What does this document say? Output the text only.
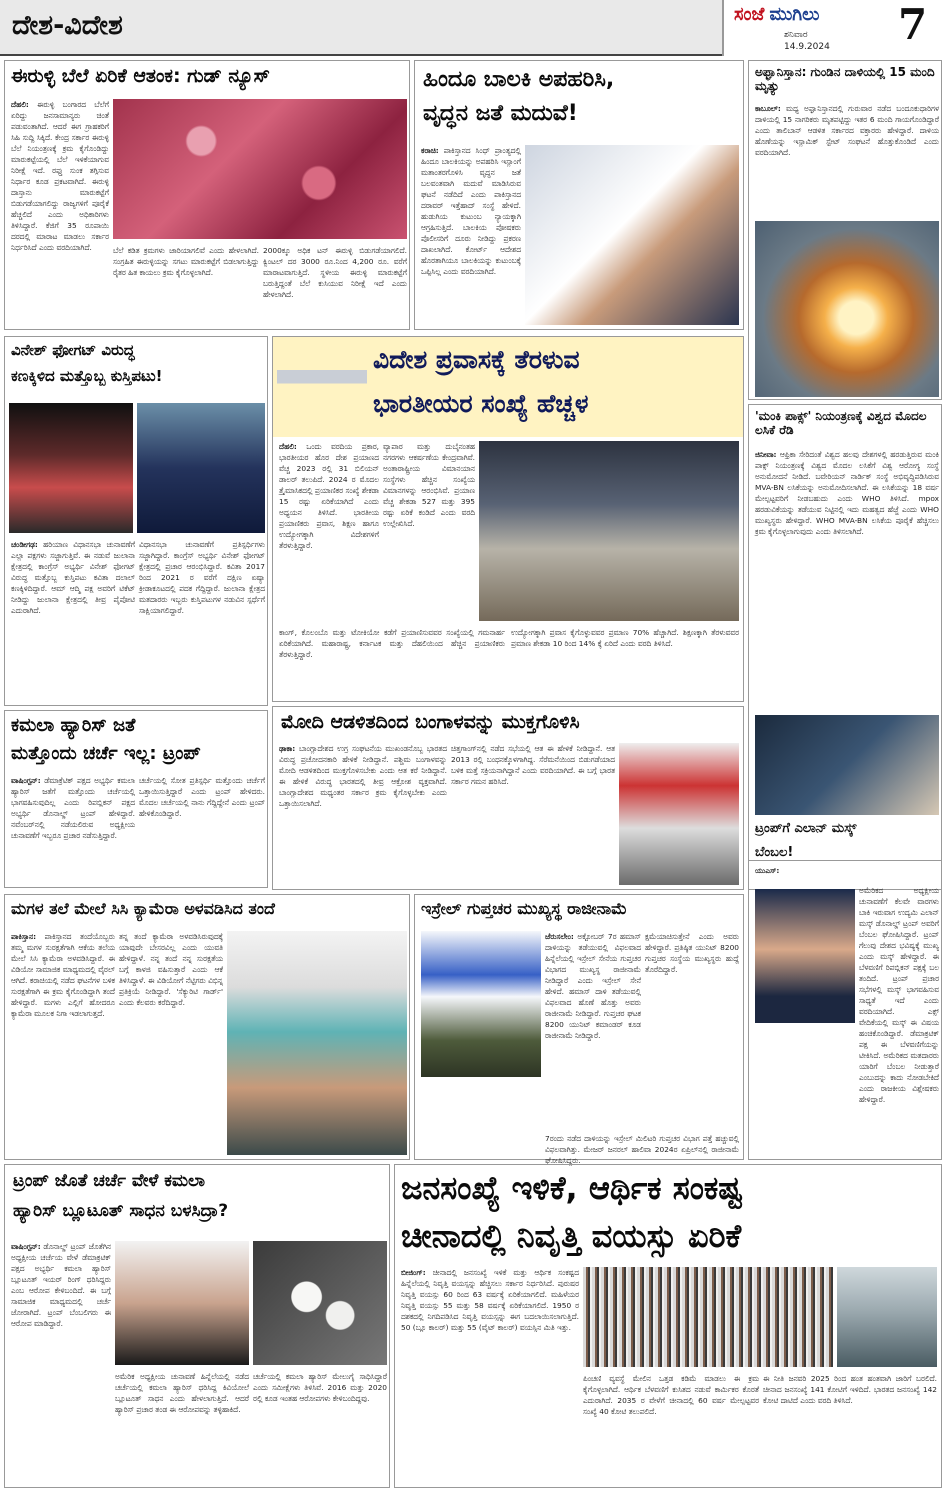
ದೇಶ-ವಿದೇಶ	ಸಂಜೆ ಮುಗಿಲು
ಶನಿವಾರ
14.9.2024	7
ಈರುಳ್ಳಿ ಬೆಲೆ ಏರಿಕೆ ಆತಂಕ: ಗುಡ್ ನ್ಯೂಸ್
ದೆಹಲಿ: ಈರುಳ್ಳಿ ಬಂಗಾರದ ಬೆಲೆಗೆ ಏರಿದ್ದು ಜನಸಾಮಾನ್ಯರು ಚಿಂತೆ ಪಡುವಂತಾಗಿದೆ. ಆದರೆ ಈಗ ಗ್ರಾಹಕರಿಗೆ ಸಿಹಿ ಸುದ್ದಿ ಸಿಕ್ಕಿದೆ. ಕೇಂದ್ರ ಸರ್ಕಾರ ಈರುಳ್ಳಿ ಬೆಲೆ ನಿಯಂತ್ರಣಕ್ಕೆ ಕ್ರಮ ಕೈಗೊಂಡಿದ್ದು ಮಾರುಕಟ್ಟೆಯಲ್ಲಿ ಬೆಲೆ ಇಳಿಕೆಯಾಗುವ ನಿರೀಕ್ಷೆ ಇದೆ. ರಫ್ತು ಸುಂಕ ತಗ್ಗಿಸುವ ನಿರ್ಧಾರ ಕೂಡ ಪ್ರಕಟವಾಗಿದೆ. ಈರುಳ್ಳಿ ದಾಸ್ತಾನು ಮಾರುಕಟ್ಟೆಗೆ ಬಿಡುಗಡೆಯಾಗಲಿದ್ದು ರಾಜ್ಯಗಳಿಗೆ ಪೂರೈಕೆ ಹೆಚ್ಚಲಿದೆ ಎಂದು ಅಧಿಕಾರಿಗಳು ತಿಳಿಸಿದ್ದಾರೆ. ಕೆಜಿಗೆ 35 ರೂಪಾಯಿ ದರದಲ್ಲಿ ಮಾರಾಟ ಮಾಡಲು ಸರ್ಕಾರ ನಿರ್ಧರಿಸಿದೆ ಎಂದು ವರದಿಯಾಗಿದೆ.	ಬೆಲೆ ಕಡಿತ ಕ್ರಮಗಳು ಜಾರಿಯಾಗಲಿವೆ ಎಂದು ಹೇಳಲಾಗಿದೆ. ಸಂಗ್ರಹಿತ ಈರುಳ್ಳಿಯನ್ನು ಸಗಟು ಮಾರುಕಟ್ಟೆಗೆ ಬಿಡಲಾಗುತ್ತಿದ್ದು ರೈತರ ಹಿತ ಕಾಯಲು ಕ್ರಮ ಕೈಗೊಳ್ಳಲಾಗಿದೆ.
2000ಕ್ಕೂ ಅಧಿಕ ಟನ್ ಈರುಳ್ಳಿ ಬಿಡುಗಡೆಯಾಗಲಿದೆ. ಕ್ವಿಂಟಲ್ ದರ 3000 ರೂ.ನಿಂದ 4,200 ರೂ. ವರೆಗೆ ಮಾರಾಟವಾಗುತ್ತಿದೆ. ಸ್ಥಳೀಯ ಈರುಳ್ಳಿ ಮಾರುಕಟ್ಟೆಗೆ ಬರುತ್ತಿದ್ದಂತೆ ಬೆಲೆ ಕುಸಿಯುವ ನಿರೀಕ್ಷೆ ಇದೆ ಎಂದು ಹೇಳಲಾಗಿದೆ.
ಹಿಂದೂ ಬಾಲಕಿ ಅಪಹರಿಸಿ,
ವೃದ್ಧನ ಜತೆ ಮದುವೆ!
ಕರಾಚಿ: ಪಾಕಿಸ್ತಾನದ ಸಿಂಧ್ ಪ್ರಾಂತ್ಯದಲ್ಲಿ ಹಿಂದೂ ಬಾಲಕಿಯನ್ನು ಅಪಹರಿಸಿ ಇಸ್ಲಾಂಗೆ ಮತಾಂತರಗೊಳಿಸಿ ವೃದ್ಧನ ಜತೆ ಬಲವಂತವಾಗಿ ಮದುವೆ ಮಾಡಿಸಿರುವ ಘಟನೆ ನಡೆದಿದೆ ಎಂದು ಪಾಕಿಸ್ತಾನದ ದರಾವರ್ ಇತ್ತೆಹಾದ್ ಸಂಸ್ಥೆ ಹೇಳಿದೆ. ಹುಡುಗಿಯ ಕುಟುಂಬ ನ್ಯಾಯಕ್ಕಾಗಿ ಆಗ್ರಹಿಸುತ್ತಿದೆ. ಬಾಲಕಿಯ ಪೋಷಕರು ಪೊಲೀಸರಿಗೆ ದೂರು ನೀಡಿದ್ದು ಪ್ರಕರಣ ದಾಖಲಾಗಿದೆ. ಕೋರ್ಟ್ ಆದೇಶದ ಹೊರತಾಗಿಯೂ ಬಾಲಕಿಯನ್ನು ಕುಟುಂಬಕ್ಕೆ ಒಪ್ಪಿಸಿಲ್ಲ ಎಂದು ವರದಿಯಾಗಿದೆ.
ಅಫ್ಘಾನಿಸ್ತಾನ: ಗುಂಡಿನ ದಾಳಿಯಲ್ಲಿ 15 ಮಂದಿ ಮೃತ್ಯು
ಕಾಬೂಲ್: ಮಧ್ಯ ಅಫ್ಘಾನಿಸ್ತಾನದಲ್ಲಿ ಗುರುವಾರ ನಡೆದ ಬಂದೂಕುಧಾರಿಗಳ ದಾಳಿಯಲ್ಲಿ 15 ನಾಗರಿಕರು ಮೃತಪಟ್ಟಿದ್ದು ಇತರ 6 ಮಂದಿ ಗಾಯಗೊಂಡಿದ್ದಾರೆ ಎಂದು ತಾಲಿಬಾನ್ ಆಡಳಿತ ಸರ್ಕಾರದ ವಕ್ತಾರರು ಹೇಳಿದ್ದಾರೆ. ದಾಳಿಯ ಹೊಣೆಯನ್ನು ಇಸ್ಲಾಮಿಕ್ ಸ್ಟೇಟ್ ಸಂಘಟನೆ ಹೊತ್ತುಕೊಂಡಿದೆ ಎಂದು ವರದಿಯಾಗಿದೆ.
ವಿನೇಶ್ ಫೋಗಟ್ ವಿರುದ್ಧ
ಕಣಕ್ಕಿಳಿದ ಮತ್ತೊಬ್ಬ ಕುಸ್ತಿಪಟು!
ಚಂಡೀಗಢ: ಹರಿಯಾಣ ವಿಧಾನಸಭಾ ಚುನಾವಣೆಗೆ ಎಲ್ಲಾ ಪಕ್ಷಗಳು ಸಜ್ಜಾಗುತ್ತಿವೆ. ಈ ನಡುವೆ ಜುಲಾನಾ ಕ್ಷೇತ್ರದಲ್ಲಿ ಕಾಂಗ್ರೆಸ್ ಅಭ್ಯರ್ಥಿ ವಿನೇಶ್ ಫೋಗಟ್ ವಿರುದ್ಧ ಮತ್ತೊಬ್ಬ ಕುಸ್ತಿಪಟು ಕವಿತಾ ದಲಾಲ್ ಕಣಕ್ಕಿಳಿದಿದ್ದಾರೆ. ಆಮ್ ಆದ್ಮಿ ಪಕ್ಷ ಅವರಿಗೆ ಟಿಕೆಟ್ ನೀಡಿದ್ದು ಜುಲಾನಾ ಕ್ಷೇತ್ರದಲ್ಲಿ ತೀವ್ರ ಪೈಪೋಟಿ ಎದುರಾಗಿದೆ.
ವಿಧಾನಸಭಾ ಚುನಾವಣೆಗೆ ಪ್ರತಿಸ್ಪರ್ಧಿಗಳು ಸಜ್ಜಾಗಿದ್ದಾರೆ. ಕಾಂಗ್ರೆಸ್ ಅಭ್ಯರ್ಥಿ ವಿನೇಶ್ ಫೋಗಟ್ ಕ್ಷೇತ್ರದಲ್ಲಿ ಪ್ರಚಾರ ಆರಂಭಿಸಿದ್ದಾರೆ. ಕವಿತಾ 2017 ರಿಂದ 2021 ರ ವರೆಗೆ ದಕ್ಷಿಣ ಏಷ್ಯಾ ಕ್ರೀಡಾಕೂಟದಲ್ಲಿ ಪದಕ ಗೆದ್ದಿದ್ದಾರೆ. ಜುಲಾನಾ ಕ್ಷೇತ್ರದ ಮತದಾರರು ಇಬ್ಬರು ಕುಸ್ತಿಪಟುಗಳ ನಡುವಿನ ಸ್ಪರ್ಧೆಗೆ ಸಾಕ್ಷಿಯಾಗಲಿದ್ದಾರೆ.
ವಿದೇಶ ಪ್ರವಾಸಕ್ಕೆ ತೆರಳುವ
ಭಾರತೀಯರ ಸಂಖ್ಯೆ ಹೆಚ್ಚಳ
ದೆಹಲಿ: ಒಂದು ವರದಿಯ ಪ್ರಕಾರ, ಭಾರತೀಯರ ಹೊರ ದೇಶ ಪ್ರಯಾಣದ ವೆಚ್ಚ 2023 ರಲ್ಲಿ 31 ಬಿಲಿಯನ್ ಡಾಲರ್ ತಲುಪಿದೆ. 2024 ರ ಮೊದಲ ತ್ರೈಮಾಸಿಕದಲ್ಲಿ ಪ್ರಯಾಣಿಕರ ಸಂಖ್ಯೆ ಶೇಕಡಾ 15 ರಷ್ಟು ಏರಿಕೆಯಾಗಿದೆ ಎಂದು ಅಧ್ಯಯನ ತಿಳಿಸಿದೆ. ಭಾರತೀಯ ಪ್ರಯಾಣಿಕರು ಪ್ರವಾಸ, ಶಿಕ್ಷಣ ಹಾಗೂ ಉದ್ಯೋಗಕ್ಕಾಗಿ ವಿದೇಶಗಳಿಗೆ ತೆರಳುತ್ತಿದ್ದಾರೆ.
ವ್ಯಾಪಾರ ಮತ್ತು ದುಬೈನಂತಹ ನಗರಗಳು ಆಕರ್ಷಣೆಯ ಕೇಂದ್ರವಾಗಿವೆ. ಅಂತಾರಾಷ್ಟ್ರೀಯ ವಿಮಾನಯಾನ ಸಂಸ್ಥೆಗಳು ಹೆಚ್ಚಿನ ಸಂಖ್ಯೆಯ ವಿಮಾನಗಳನ್ನು ಆರಂಭಿಸಿವೆ. ಪ್ರಯಾಣ ವೆಚ್ಚ ಶೇಕಡಾ 527 ಮತ್ತು 395 ರಷ್ಟು ಏರಿಕೆ ಕಂಡಿದೆ ಎಂದು ವರದಿ ಉಲ್ಲೇಖಿಸಿದೆ.
ಕಾಂಗ್, ಕೊಲಂಬೊ ಮತ್ತು ಟೋಕಿಯೋ ಕಡೆಗೆ ಪ್ರಯಾಣಿಸುವವರ ಸಂಖ್ಯೆಯಲ್ಲಿ ಗಮನಾರ್ಹ ಏರಿಕೆಯಾಗಿದೆ. ಮಹಾರಾಷ್ಟ್ರ, ಕರ್ನಾಟಕ ಮತ್ತು ದೆಹಲಿಯಿಂದ ಹೆಚ್ಚಿನ ಪ್ರಯಾಣಿಕರು ತೆರಳುತ್ತಿದ್ದಾರೆ.
ಉದ್ಯೋಗಕ್ಕಾಗಿ ಪ್ರವಾಸ ಕೈಗೊಳ್ಳುವವರ ಪ್ರಮಾಣ 70% ಹೆಚ್ಚಾಗಿದೆ. ಶಿಕ್ಷಣಕ್ಕಾಗಿ ತೆರಳುವವರ ಪ್ರಮಾಣ ಶೇಕಡಾ 10 ರಿಂದ 14% ಕ್ಕೆ ಏರಿದೆ ಎಂದು ವರದಿ ತಿಳಿಸಿದೆ.
'ಮಂಕಿ ಪಾಕ್ಸ್' ನಿಯಂತ್ರಣಕ್ಕೆ ವಿಶ್ವದ ಮೊದಲ ಲಸಿಕೆ ರೆಡಿ
ಜಿನೀವಾ: ಆಫ್ರಿಕಾ ಸೇರಿದಂತೆ ವಿಶ್ವದ ಹಲವು ದೇಶಗಳಲ್ಲಿ ಹರಡುತ್ತಿರುವ ಮಂಕಿ ಪಾಕ್ಸ್ ನಿಯಂತ್ರಣಕ್ಕೆ ವಿಶ್ವದ ಮೊದಲ ಲಸಿಕೆಗೆ ವಿಶ್ವ ಆರೋಗ್ಯ ಸಂಸ್ಥೆ ಅನುಮೋದನೆ ನೀಡಿದೆ. ಬವೇರಿಯನ್ ನಾರ್ಡಿಕ್ ಸಂಸ್ಥೆ ಅಭಿವೃದ್ಧಿಪಡಿಸಿರುವ MVA-BN ಲಸಿಕೆಯನ್ನು ಅನುಮೋದಿಸಲಾಗಿದೆ. ಈ ಲಸಿಕೆಯನ್ನು 18 ವರ್ಷ ಮೇಲ್ಪಟ್ಟವರಿಗೆ ನೀಡಬಹುದು ಎಂದು WHO ತಿಳಿಸಿದೆ. mpox ಹರಡುವಿಕೆಯನ್ನು ತಡೆಯುವ ನಿಟ್ಟಿನಲ್ಲಿ ಇದು ಮಹತ್ವದ ಹೆಜ್ಜೆ ಎಂದು WHO ಮುಖ್ಯಸ್ಥರು ಹೇಳಿದ್ದಾರೆ. WHO MVA-BN ಲಸಿಕೆಯ ಪೂರೈಕೆ ಹೆಚ್ಚಿಸಲು ಕ್ರಮ ಕೈಗೊಳ್ಳಲಾಗುವುದು ಎಂದು ತಿಳಿಸಲಾಗಿದೆ.
ಟ್ರಂಪ್‌ಗೆ ಎಲಾನ್ ಮಸ್ಕ್
ಬೆಂಬಲ!
ಯುಎಸ್:
ಅಮೆರಿಕದ ಅಧ್ಯಕ್ಷೀಯ ಚುನಾವಣೆಗೆ ಕೆಲವೇ ವಾರಗಳು ಬಾಕಿ ಇರುವಾಗ ಉದ್ಯಮಿ ಎಲಾನ್ ಮಸ್ಕ್ ಡೊನಾಲ್ಡ್ ಟ್ರಂಪ್ ಅವರಿಗೆ ಬೆಂಬಲ ಘೋಷಿಸಿದ್ದಾರೆ. ಟ್ರಂಪ್ ಗೆಲುವು ದೇಶದ ಭವಿಷ್ಯಕ್ಕೆ ಮುಖ್ಯ ಎಂದು ಮಸ್ಕ್ ಹೇಳಿದ್ದಾರೆ. ಈ ಬೆಳವಣಿಗೆ ರಿಪಬ್ಲಿಕನ್ ಪಕ್ಷಕ್ಕೆ ಬಲ ತಂದಿದೆ. ಟ್ರಂಪ್ ಪ್ರಚಾರ ಸಭೆಗಳಲ್ಲಿ ಮಸ್ಕ್ ಭಾಗವಹಿಸುವ ಸಾಧ್ಯತೆ ಇದೆ ಎಂದು ವರದಿಯಾಗಿದೆ. ಎಕ್ಸ್ ವೇದಿಕೆಯಲ್ಲಿ ಮಸ್ಕ್ ಈ ವಿಷಯ ಹಂಚಿಕೊಂಡಿದ್ದಾರೆ. ಡೆಮಾಕ್ರಟಿಕ್ ಪಕ್ಷ ಈ ಬೆಳವಣಿಗೆಯನ್ನು ಟೀಕಿಸಿದೆ. ಅಮೆರಿಕದ ಮತದಾರರು ಯಾರಿಗೆ ಬೆಂಬಲ ನೀಡುತ್ತಾರೆ ಎಂಬುದನ್ನು ಕಾದು ನೋಡಬೇಕಿದೆ ಎಂದು ರಾಜಕೀಯ ವಿಶ್ಲೇಷಕರು ಹೇಳಿದ್ದಾರೆ.
ಕಮಲಾ ಹ್ಯಾರಿಸ್ ಜತೆ
ಮತ್ತೊಂದು ಚರ್ಚೆ ಇಲ್ಲ: ಟ್ರಂಪ್
ವಾಷಿಂಗ್ಟನ್: ಡೆಮಾಕ್ರೆಟಿಕ್ ಪಕ್ಷದ ಅಭ್ಯರ್ಥಿ ಕಮಲಾ ಹ್ಯಾರಿಸ್ ಜತೆಗೆ ಮತ್ತೊಂದು ಚರ್ಚೆಯಲ್ಲಿ ಭಾಗವಹಿಸುವುದಿಲ್ಲ ಎಂದು ರಿಪಬ್ಲಿಕನ್ ಪಕ್ಷದ ಅಭ್ಯರ್ಥಿ ಡೊನಾಲ್ಡ್ ಟ್ರಂಪ್ ಹೇಳಿದ್ದಾರೆ. ನವೆಂಬರ್‌ನಲ್ಲಿ ನಡೆಯಲಿರುವ ಅಧ್ಯಕ್ಷೀಯ ಚುನಾವಣೆಗೆ ಇಬ್ಬರೂ ಪ್ರಚಾರ ನಡೆಸುತ್ತಿದ್ದಾರೆ.
ಚರ್ಚೆಯಲ್ಲಿ ಸೋತ ಪ್ರತಿಸ್ಪರ್ಧಿ ಮತ್ತೊಂದು ಚರ್ಚೆಗೆ ಒತ್ತಾಯಿಸುತ್ತಿದ್ದಾರೆ ಎಂದು ಟ್ರಂಪ್ ಹೇಳಿದರು. ಮೊದಲ ಚರ್ಚೆಯಲ್ಲಿ ನಾನು ಗೆದ್ದಿದ್ದೇನೆ ಎಂದು ಟ್ರಂಪ್ ಹೇಳಿಕೊಂಡಿದ್ದಾರೆ.
ಮೋದಿ ಆಡಳಿತದಿಂದ ಬಂಗಾಳವನ್ನು ಮುಕ್ತಗೊಳಿಸಿ
ಢಾಕಾ: ಬಾಂಗ್ಲಾದೇಶದ ಉಗ್ರ ಸಂಘಟನೆಯ ಮುಖಂಡನೊಬ್ಬ ಭಾರತದ ವಿರುದ್ಧ ಪ್ರಚೋದನಕಾರಿ ಹೇಳಿಕೆ ನೀಡಿದ್ದಾನೆ. ಪಶ್ಚಿಮ ಬಂಗಾಳವನ್ನು ಮೋದಿ ಆಡಳಿತದಿಂದ ಮುಕ್ತಗೊಳಿಸಬೇಕು ಎಂದು ಆತ ಕರೆ ನೀಡಿದ್ದಾನೆ. ಈ ಹೇಳಿಕೆ ವಿರುದ್ಧ ಭಾರತದಲ್ಲಿ ತೀವ್ರ ಆಕ್ರೋಶ ವ್ಯಕ್ತವಾಗಿದೆ. ಬಾಂಗ್ಲಾದೇಶದ ಮಧ್ಯಂತರ ಸರ್ಕಾರ ಕ್ರಮ ಕೈಗೊಳ್ಳಬೇಕು ಎಂದು ಒತ್ತಾಯಿಸಲಾಗಿದೆ.
ಚಿತ್ತಗಾಂಗ್‌ನಲ್ಲಿ ನಡೆದ ಸಭೆಯಲ್ಲಿ ಆತ ಈ ಹೇಳಿಕೆ ನೀಡಿದ್ದಾನೆ. ಆತ 2013 ರಲ್ಲಿ ಬಂಧನಕ್ಕೊಳಗಾಗಿದ್ದ. ಸೆರೆಮನೆಯಿಂದ ಬಿಡುಗಡೆಯಾದ ಬಳಿಕ ಮತ್ತೆ ಸಕ್ರಿಯನಾಗಿದ್ದಾನೆ ಎಂದು ವರದಿಯಾಗಿದೆ. ಈ ಬಗ್ಗೆ ಭಾರತ ಸರ್ಕಾರ ಗಮನ ಹರಿಸಿದೆ.
ಮಗಳ ತಲೆ ಮೇಲೆ ಸಿಸಿ ಕ್ಯಾಮೆರಾ ಅಳವಡಿಸಿದ ತಂದೆ
ಪಾಕಿಸ್ತಾನ: ಪಾಕಿಸ್ತಾನದ ತಂದೆಯೊಬ್ಬರು ತಮ್ಮ ಮಗಳ ಸುರಕ್ಷತೆಗಾಗಿ ಆಕೆಯ ತಲೆಯ ಮೇಲೆ ಸಿಸಿ ಕ್ಯಾಮೆರಾ ಅಳವಡಿಸಿದ್ದಾರೆ. ಈ ವಿಡಿಯೋ ಸಾಮಾಜಿಕ ಮಾಧ್ಯಮದಲ್ಲಿ ವೈರಲ್ ಆಗಿದೆ. ಕರಾಚಿಯಲ್ಲಿ ನಡೆದ ಘಟನೆಗಳ ಬಳಿಕ ಸುರಕ್ಷತೆಗಾಗಿ ಈ ಕ್ರಮ ಕೈಗೊಂಡಿದ್ದಾಗಿ ತಂದೆ ಹೇಳಿದ್ದಾರೆ. ಮಗಳು ಎಲ್ಲಿಗೆ ಹೋದರೂ ಕ್ಯಾಮೆರಾ ಮೂಲಕ ನಿಗಾ ಇಡಲಾಗುತ್ತದೆ.
ತನ್ನ ತಂದೆ ಕ್ಯಾಮೆರಾ ಅಳವಡಿಸಿರುವುದಕ್ಕೆ ಯಾವುದೇ ಬೇಸರವಿಲ್ಲ ಎಂದು ಯುವತಿ ಹೇಳಿದ್ದಾಳೆ. ನನ್ನ ತಂದೆ ನನ್ನ ಸುರಕ್ಷತೆಯ ಬಗ್ಗೆ ಕಾಳಜಿ ವಹಿಸುತ್ತಾರೆ ಎಂದು ಆಕೆ ತಿಳಿಸಿದ್ದಾಳೆ. ಈ ವಿಡಿಯೋಗೆ ನೆಟ್ಟಿಗರು ವಿಭಿನ್ನ ಪ್ರತಿಕ್ರಿಯೆ ನೀಡಿದ್ದಾರೆ. 'ಸೆಕ್ಯುರಿಟಿ ಗಾರ್ಡ್' ಎಂದು ಕೆಲವರು ಕರೆದಿದ್ದಾರೆ.
ಇಸ್ರೇಲ್ ಗುಪ್ತಚರ ಮುಖ್ಯಸ್ಥ ರಾಜೀನಾಮೆ
ಜೆರುಸಲೇಂ: ಅಕ್ಟೋಬರ್ 7ರ ಹಮಾಸ್ ದಾಳಿಯನ್ನು ತಡೆಯುವಲ್ಲಿ ವಿಫಲವಾದ ಹಿನ್ನೆಲೆಯಲ್ಲಿ ಇಸ್ರೇಲ್ ಸೇನೆಯ ಗುಪ್ತಚರ ವಿಭಾಗದ ಮುಖ್ಯಸ್ಥ ರಾಜೀನಾಮೆ ನೀಡಿದ್ದಾರೆ ಎಂದು ಇಸ್ರೇಲ್ ಸೇನೆ ಹೇಳಿದೆ. ಹಮಾಸ್ ದಾಳಿ ತಡೆಯುವಲ್ಲಿ ವಿಫಲವಾದ ಹೊಣೆ ಹೊತ್ತು ಅವರು ರಾಜೀನಾಮೆ ನೀಡಿದ್ದಾರೆ. ಗುಪ್ತಚರ ಘಟಕ 8200 ಯುನಿಟ್ ಕಮಾಂಡರ್ ಕೂಡ ರಾಜೀನಾಮೆ ನೀಡಿದ್ದಾರೆ.
ಕ್ಷಮೆಯಾಚಿಸುತ್ತೇನೆ ಎಂದು ಅವರು ಹೇಳಿದ್ದಾರೆ. ಪ್ರತಿಷ್ಠಿತ ಯುನಿಟ್ 8200 ಗುಪ್ತಚರ ಸಂಸ್ಥೆಯ ಮುಖ್ಯಸ್ಥರು ಹುದ್ದೆ ತೊರೆದಿದ್ದಾರೆ.
7ರಂದು ನಡೆದ ದಾಳಿಯನ್ನು ಇಸ್ರೇಲ್ ಮಿಲಿಟರಿ ಗುಪ್ತಚರ ವಿಭಾಗ ಪತ್ತೆ ಹಚ್ಚುವಲ್ಲಿ ವಿಫಲವಾಗಿತ್ತು. ಮೇಜರ್ ಜನರಲ್ ಹಾಲಿವಾ 2024ರ ಏಪ್ರಿಲ್‌ನಲ್ಲಿ ರಾಜೀನಾಮೆ ಘೋಷಿಸಿದ್ದರು.
ಟ್ರಂಪ್ ಜೊತೆ ಚರ್ಚೆ ವೇಳೆ ಕಮಲಾ
ಹ್ಯಾರಿಸ್ ಬ್ಲೂಟೂತ್ ಸಾಧನ ಬಳಸಿದ್ರಾ?
ವಾಷಿಂಗ್ಟನ್: ಡೊನಾಲ್ಡ್ ಟ್ರಂಪ್ ಜೊತೆಗಿನ ಅಧ್ಯಕ್ಷೀಯ ಚರ್ಚೆಯ ವೇಳೆ ಡೆಮಾಕ್ರಟಿಕ್ ಪಕ್ಷದ ಅಭ್ಯರ್ಥಿ ಕಮಲಾ ಹ್ಯಾರಿಸ್ ಬ್ಲೂಟೂತ್ ಇಯರ್ ರಿಂಗ್ ಧರಿಸಿದ್ದರು ಎಂಬ ಆರೋಪ ಕೇಳಿಬಂದಿದೆ. ಈ ಬಗ್ಗೆ ಸಾಮಾಜಿಕ ಮಾಧ್ಯಮದಲ್ಲಿ ಚರ್ಚೆ ಜೋರಾಗಿದೆ. ಟ್ರಂಪ್ ಬೆಂಬಲಿಗರು ಈ ಆರೋಪ ಮಾಡಿದ್ದಾರೆ.
ಅಮೆರಿಕ ಅಧ್ಯಕ್ಷೀಯ ಚುನಾವಣೆ ಹಿನ್ನೆಲೆಯಲ್ಲಿ ನಡೆದ ಚರ್ಚೆಯಲ್ಲಿ ಕಮಲಾ ಹ್ಯಾರಿಸ್ ಧರಿಸಿದ್ದ ಕಿವಿಯೋಲೆ ಬ್ಲೂಟೂತ್ ಸಾಧನ ಎಂದು ಹೇಳಲಾಗುತ್ತಿದೆ. ಆದರೆ ಹ್ಯಾರಿಸ್ ಪ್ರಚಾರ ತಂಡ ಈ ಆರೋಪವನ್ನು ತಳ್ಳಿಹಾಕಿದೆ.
ಚರ್ಚೆಯಲ್ಲಿ ಕಮಲಾ ಹ್ಯಾರಿಸ್ ಮೇಲುಗೈ ಸಾಧಿಸಿದ್ದಾರೆ ಎಂದು ಸಮೀಕ್ಷೆಗಳು ತಿಳಿಸಿವೆ. 2016 ಮತ್ತು 2020 ರಲ್ಲಿ ಕೂಡ ಇಂತಹ ಆರೋಪಗಳು ಕೇಳಿಬಂದಿದ್ದವು.
ಜನಸಂಖ್ಯೆ ಇಳಿಕೆ, ಆರ್ಥಿಕ ಸಂಕಷ್ಟ
ಚೀನಾದಲ್ಲಿ ನಿವೃತ್ತಿ ವಯಸ್ಸು ಏರಿಕೆ
ಬೀಜಿಂಗ್: ಚೀನಾದಲ್ಲಿ ಜನಸಂಖ್ಯೆ ಇಳಿಕೆ ಮತ್ತು ಆರ್ಥಿಕ ಸಂಕಷ್ಟದ ಹಿನ್ನೆಲೆಯಲ್ಲಿ ನಿವೃತ್ತಿ ವಯಸ್ಸನ್ನು ಹೆಚ್ಚಿಸಲು ಸರ್ಕಾರ ನಿರ್ಧರಿಸಿದೆ. ಪುರುಷರ ನಿವೃತ್ತಿ ವಯಸ್ಸು 60 ರಿಂದ 63 ವರ್ಷಕ್ಕೆ ಏರಿಕೆಯಾಗಲಿದೆ. ಮಹಿಳೆಯರ ನಿವೃತ್ತಿ ವಯಸ್ಸು 55 ಮತ್ತು 58 ವರ್ಷಕ್ಕೆ ಏರಿಕೆಯಾಗಲಿದೆ. 1950 ರ ದಶಕದಲ್ಲಿ ನಿಗದಿಪಡಿಸಿದ ನಿವೃತ್ತಿ ವಯಸ್ಸನ್ನು ಈಗ ಬದಲಾಯಿಸಲಾಗುತ್ತಿದೆ. 50 (ಬ್ಲೂ ಕಾಲರ್) ಮತ್ತು 55 (ವೈಟ್ ಕಾಲರ್) ವಯಸ್ಸಿನ ಮಿತಿ ಇತ್ತು.
ಪಿಂಚಣಿ ವ್ಯವಸ್ಥೆ ಮೇಲಿನ ಒತ್ತಡ ಕಡಿಮೆ ಮಾಡಲು ಈ ಕ್ರಮ ಕೈಗೊಳ್ಳಲಾಗಿದೆ. ಆರ್ಥಿಕ ಬೆಳವಣಿಗೆ ಕುಸಿತದ ನಡುವೆ ಕಾರ್ಮಿಕರ ಕೊರತೆ ಎದುರಾಗಿದೆ. 2035 ರ ವೇಳೆಗೆ ಚೀನಾದಲ್ಲಿ 60 ವರ್ಷ ಮೇಲ್ಪಟ್ಟವರ ಸಂಖ್ಯೆ 40 ಕೋಟಿ ತಲುಪಲಿದೆ.
ಈ ನೀತಿ ಜನವರಿ 2025 ರಿಂದ ಹಂತ ಹಂತವಾಗಿ ಜಾರಿಗೆ ಬರಲಿದೆ. ಚೀನಾದ ಜನಸಂಖ್ಯೆ 141 ಕೋಟಿಗೆ ಇಳಿದಿದೆ. ಭಾರತದ ಜನಸಂಖ್ಯೆ 142 ಕೋಟಿ ದಾಟಿದೆ ಎಂದು ವರದಿ ತಿಳಿಸಿದೆ.
